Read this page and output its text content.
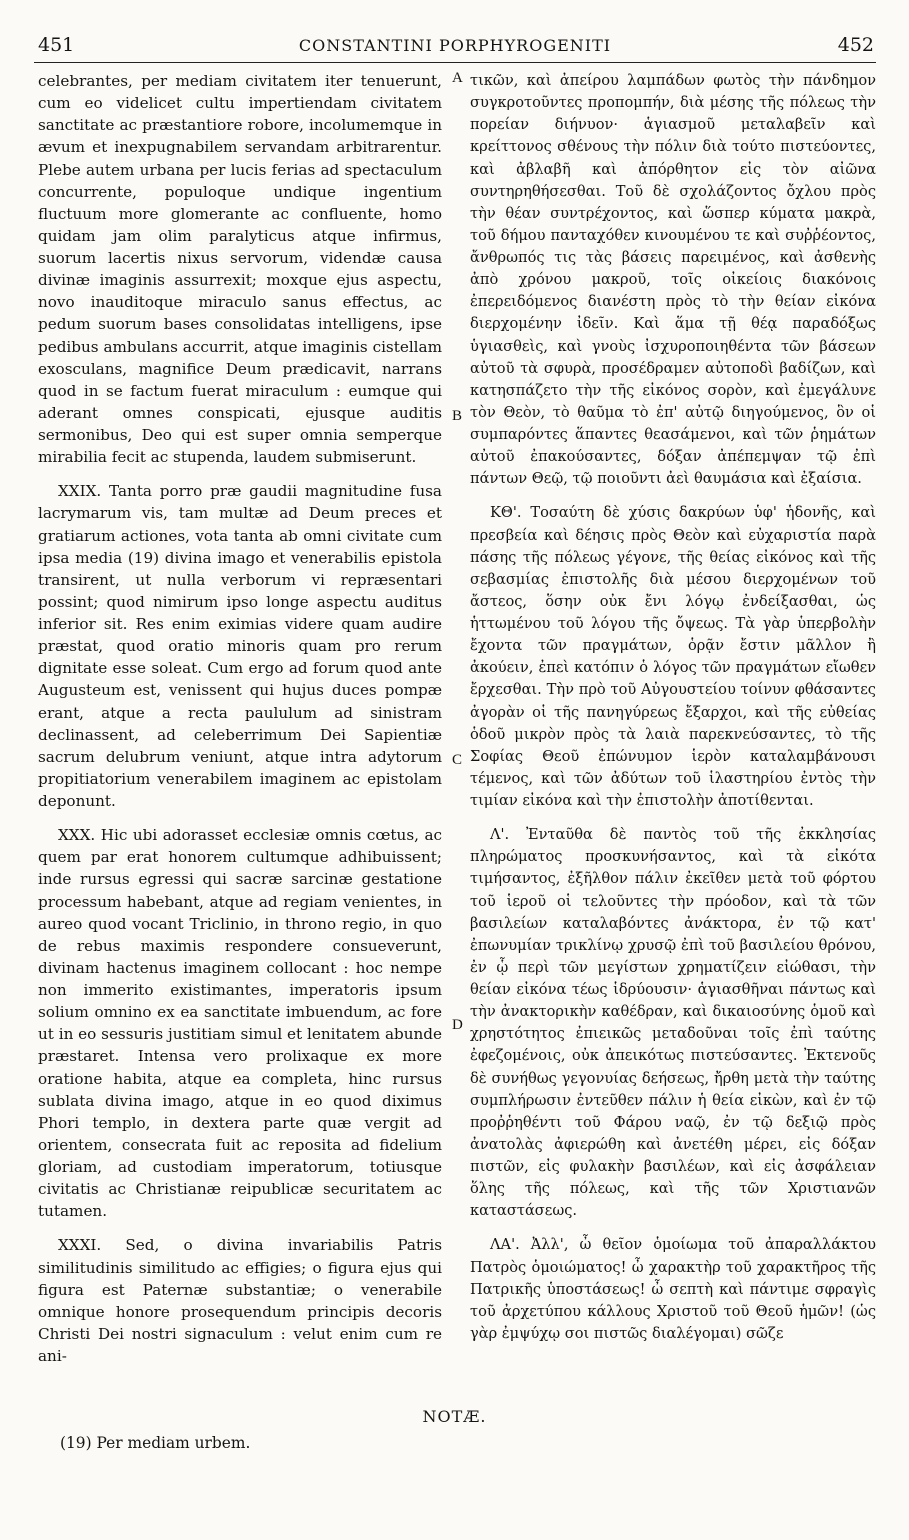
451	CONSTANTINI PORPHYROGENITI	452

celebrantes, per mediam civitatem iter tenuerunt, cum eo videlicet cultu impertiendam civitatem sanctitate ac præstantiore robore, incolumemque in ævum et inexpugnabilem servandam arbitrarentur. Plebe autem urbana per lucis ferias ad spectaculum concurrente, populoque undique ingentium fluctuum more glomerante ac confluente, homo quidam jam olim paralyticus atque infirmus, suorum lacertis nixus servorum, videndæ causa divinæ imaginis assurrexit; moxque ejus aspectu, novo inauditoque miraculo sanus effectus, ac pedum suorum bases consolidatas intelligens, ipse pedibus ambulans accurrit, atque imaginis cistellam exosculans, magnifice Deum prædicavit, narrans quod in se factum fuerat miraculum : eumque qui aderant omnes conspicati, ejusque auditis sermonibus, Deo qui est super omnia semperque mirabilia fecit ac stupenda, laudem submiserunt.

XXIX. Tanta porro præ gaudii magnitudine fusa lacrymarum vis, tam multæ ad Deum preces et gratiarum actiones, vota tanta ab omni civitate cum ipsa media (19) divina imago et venerabilis epistola transirent, ut nulla verborum vi repræsentari possint; quod nimirum ipso longe aspectu auditus inferior sit. Res enim eximias videre quam audire præstat, quod oratio minoris quam pro rerum dignitate esse soleat. Cum ergo ad forum quod ante Augusteum est, venissent qui hujus duces pompæ erant, atque a recta paululum ad sinistram declinassent, ad celeberrimum Dei Sapientiæ sacrum delubrum veniunt, atque intra adytorum propitiatorium venerabilem imaginem ac epistolam deponunt.

XXX. Hic ubi adorasset ecclesiæ omnis cœtus, ac quem par erat honorem cultumque adhibuissent; inde rursus egressi qui sacræ sarcinæ gestatione processum habebant, atque ad regiam venientes, in aureo quod vocant Triclinio, in throno regio, in quo de rebus maximis respondere consueverunt, divinam hactenus imaginem collocant : hoc nempe non immerito existimantes, imperatoris ipsum solium omnino ex ea sanctitate imbuendum, ac fore ut in eo sessuris justitiam simul et lenitatem abunde præstaret. Intensa vero prolixaque ex more oratione habita, atque ea completa, hinc rursus sublata divina imago, atque in eo quod diximus Phori templo, in dextera parte quæ vergit ad orientem, consecrata fuit ac reposita ad fidelium gloriam, ad custodiam imperatorum, totiusque civitatis ac Christianæ reipublicæ securitatem ac tutamen.

XXXI. Sed, o divina invariabilis Patris similitudinis similitudo ac effigies; o figura ejus qui figura est Paternæ substantiæ; o venerabile omnique honore prosequendum principis decoris Christi Dei nostri signaculum : velut enim cum re ani-

A
B
C
D

τικῶν, καὶ ἀπείρου λαμπάδων φωτὸς τὴν πάνδημον συγκροτοῦντες προπομπήν, διὰ μέσης τῆς πόλεως τὴν πορείαν διήνυον· ἁγιασμοῦ μεταλαβεῖν καὶ κρείττονος σθένους τὴν πόλιν διὰ τούτο πιστεύοντες, καὶ ἀβλαβῆ καὶ ἀπόρθητον εἰς τὸν αἰῶνα συντηρηθήσεσθαι. Τοῦ δὲ σχολάζοντος ὄχλου πρὸς τὴν θέαν συντρέχοντος, καὶ ὥσπερ κύματα μακρὰ, τοῦ δήμου πανταχόθεν κινουμένου τε καὶ συῤῥέοντος, ἄνθρωπός τις τὰς βάσεις παρειμένος, καὶ ἀσθενὴς ἀπὸ χρόνου μακροῦ, τοῖς οἰκείοις διακόνοις ἐπερειδόμενος διανέστη πρὸς τὸ τὴν θείαν εἰκόνα διερχομένην ἰδεῖν. Καὶ ἅμα τῇ θέᾳ παραδόξως ὑγιασθεὶς, καὶ γνοὺς ἰσχυροποιηθέντα τῶν βάσεων αὐτοῦ τὰ σφυρὰ, προσέδραμεν αὐτοποδὶ βαδίζων, καὶ κατησπάζετο τὴν τῆς εἰκόνος σορὸν, καὶ ἐμεγάλυνε τὸν Θεὸν, τὸ θαῦμα τὸ ἐπ' αὐτῷ διηγούμενος, ὃν οἱ συμπαρόντες ἅπαντες θεασάμενοι, καὶ τῶν ῥημάτων αὐτοῦ ἐπακούσαντες, δόξαν ἀπέπεμψαν τῷ ἐπὶ πάντων Θεῷ, τῷ ποιοῦντι ἀεὶ θαυμάσια καὶ ἐξαίσια.

ΚΘ'. Τοσαύτη δὲ χύσις δακρύων ὑφ' ἡδονῆς, καὶ πρεσβεία καὶ δέησις πρὸς Θεὸν καὶ εὐχαριστία παρὰ πάσης τῆς πόλεως γέγονε, τῆς θείας εἰκόνος καὶ τῆς σεβασμίας ἐπιστολῆς διὰ μέσου διερχομένων τοῦ ἄστεος, ὅσην οὐκ ἔνι λόγῳ ἐνδείξασθαι, ὡς ἡττωμένου τοῦ λόγου τῆς ὄψεως. Τὰ γὰρ ὑπερβολὴν ἔχοντα τῶν πραγμάτων, ὁρᾷν ἔστιν μᾶλλον ἢ ἀκούειν, ἐπεὶ κατόπιν ὁ λόγος τῶν πραγμάτων εἴωθεν ἔρχεσθαι. Τὴν πρὸ τοῦ Αὐγουστείου τοίνυν φθάσαντες ἀγορὰν οἱ τῆς πανηγύρεως ἔξαρχοι, καὶ τῆς εὐθείας ὁδοῦ μικρὸν πρὸς τὰ λαιὰ παρεκνεύσαντες, τὸ τῆς Σοφίας Θεοῦ ἐπώνυμον ἱερὸν καταλαμβάνουσι τέμενος, καὶ τῶν ἀδύτων τοῦ ἱλαστηρίου ἐντὸς τὴν τιμίαν εἰκόνα καὶ τὴν ἐπιστολὴν ἀποτίθενται.

Λ'. Ἐνταῦθα δὲ παντὸς τοῦ τῆς ἐκκλησίας πληρώματος προσκυνήσαντος, καὶ τὰ εἰκότα τιμήσαντος, ἐξῆλθον πάλιν ἐκεῖθεν μετὰ τοῦ φόρτου τοῦ ἱεροῦ οἱ τελοῦντες τὴν πρόοδον, καὶ τὰ τῶν βασιλείων καταλαβόντες ἀνάκτορα, ἐν τῷ κατ' ἐπωνυμίαν τρικλίνῳ χρυσῷ ἐπὶ τοῦ βασιλείου θρόνου, ἐν ᾧ περὶ τῶν μεγίστων χρηματίζειν εἰώθασι, τὴν θείαν εἰκόνα τέως ἱδρύουσιν· ἁγιασθῆναι πάντως καὶ τὴν ἀνακτορικὴν καθέδραν, καὶ δικαιοσύνης ὁμοῦ καὶ χρηστότητος ἐπιεικῶς μεταδοῦναι τοῖς ἐπὶ ταύτης ἐφεζομένοις, οὐκ ἀπεικότως πιστεύσαντες. Ἐκτενοῦς δὲ συνήθως γεγονυίας δεήσεως, ἤρθη μετὰ τὴν ταύτης συμπλήρωσιν ἐντεῦθεν πάλιν ἡ θεία εἰκὼν, καὶ ἐν τῷ προῤῥηθέντι τοῦ Φάρου ναῷ, ἐν τῷ δεξιῷ πρὸς ἀνατολὰς ἀφιερώθη καὶ ἀνετέθη μέρει, εἰς δόξαν πιστῶν, εἰς φυλακὴν βασιλέων, καὶ εἰς ἀσφάλειαν ὅλης τῆς πόλεως, καὶ τῆς τῶν Χριστιανῶν καταστάσεως.

ΛΑ'. Ἀλλ', ὦ θεῖον ὁμοίωμα τοῦ ἀπαραλλάκτου Πατρὸς ὁμοιώματος! ὦ χαρακτὴρ τοῦ χαρακτῆρος τῆς Πατρικῆς ὑποστάσεως! ὦ σεπτὴ καὶ πάντιμε σφραγὶς τοῦ ἀρχετύπου κάλλους Χριστοῦ τοῦ Θεοῦ ἡμῶν! (ὡς γὰρ ἐμψύχῳ σοι πιστῶς διαλέγομαι) σῶζε

NOTÆ.
(19) Per mediam urbem.
